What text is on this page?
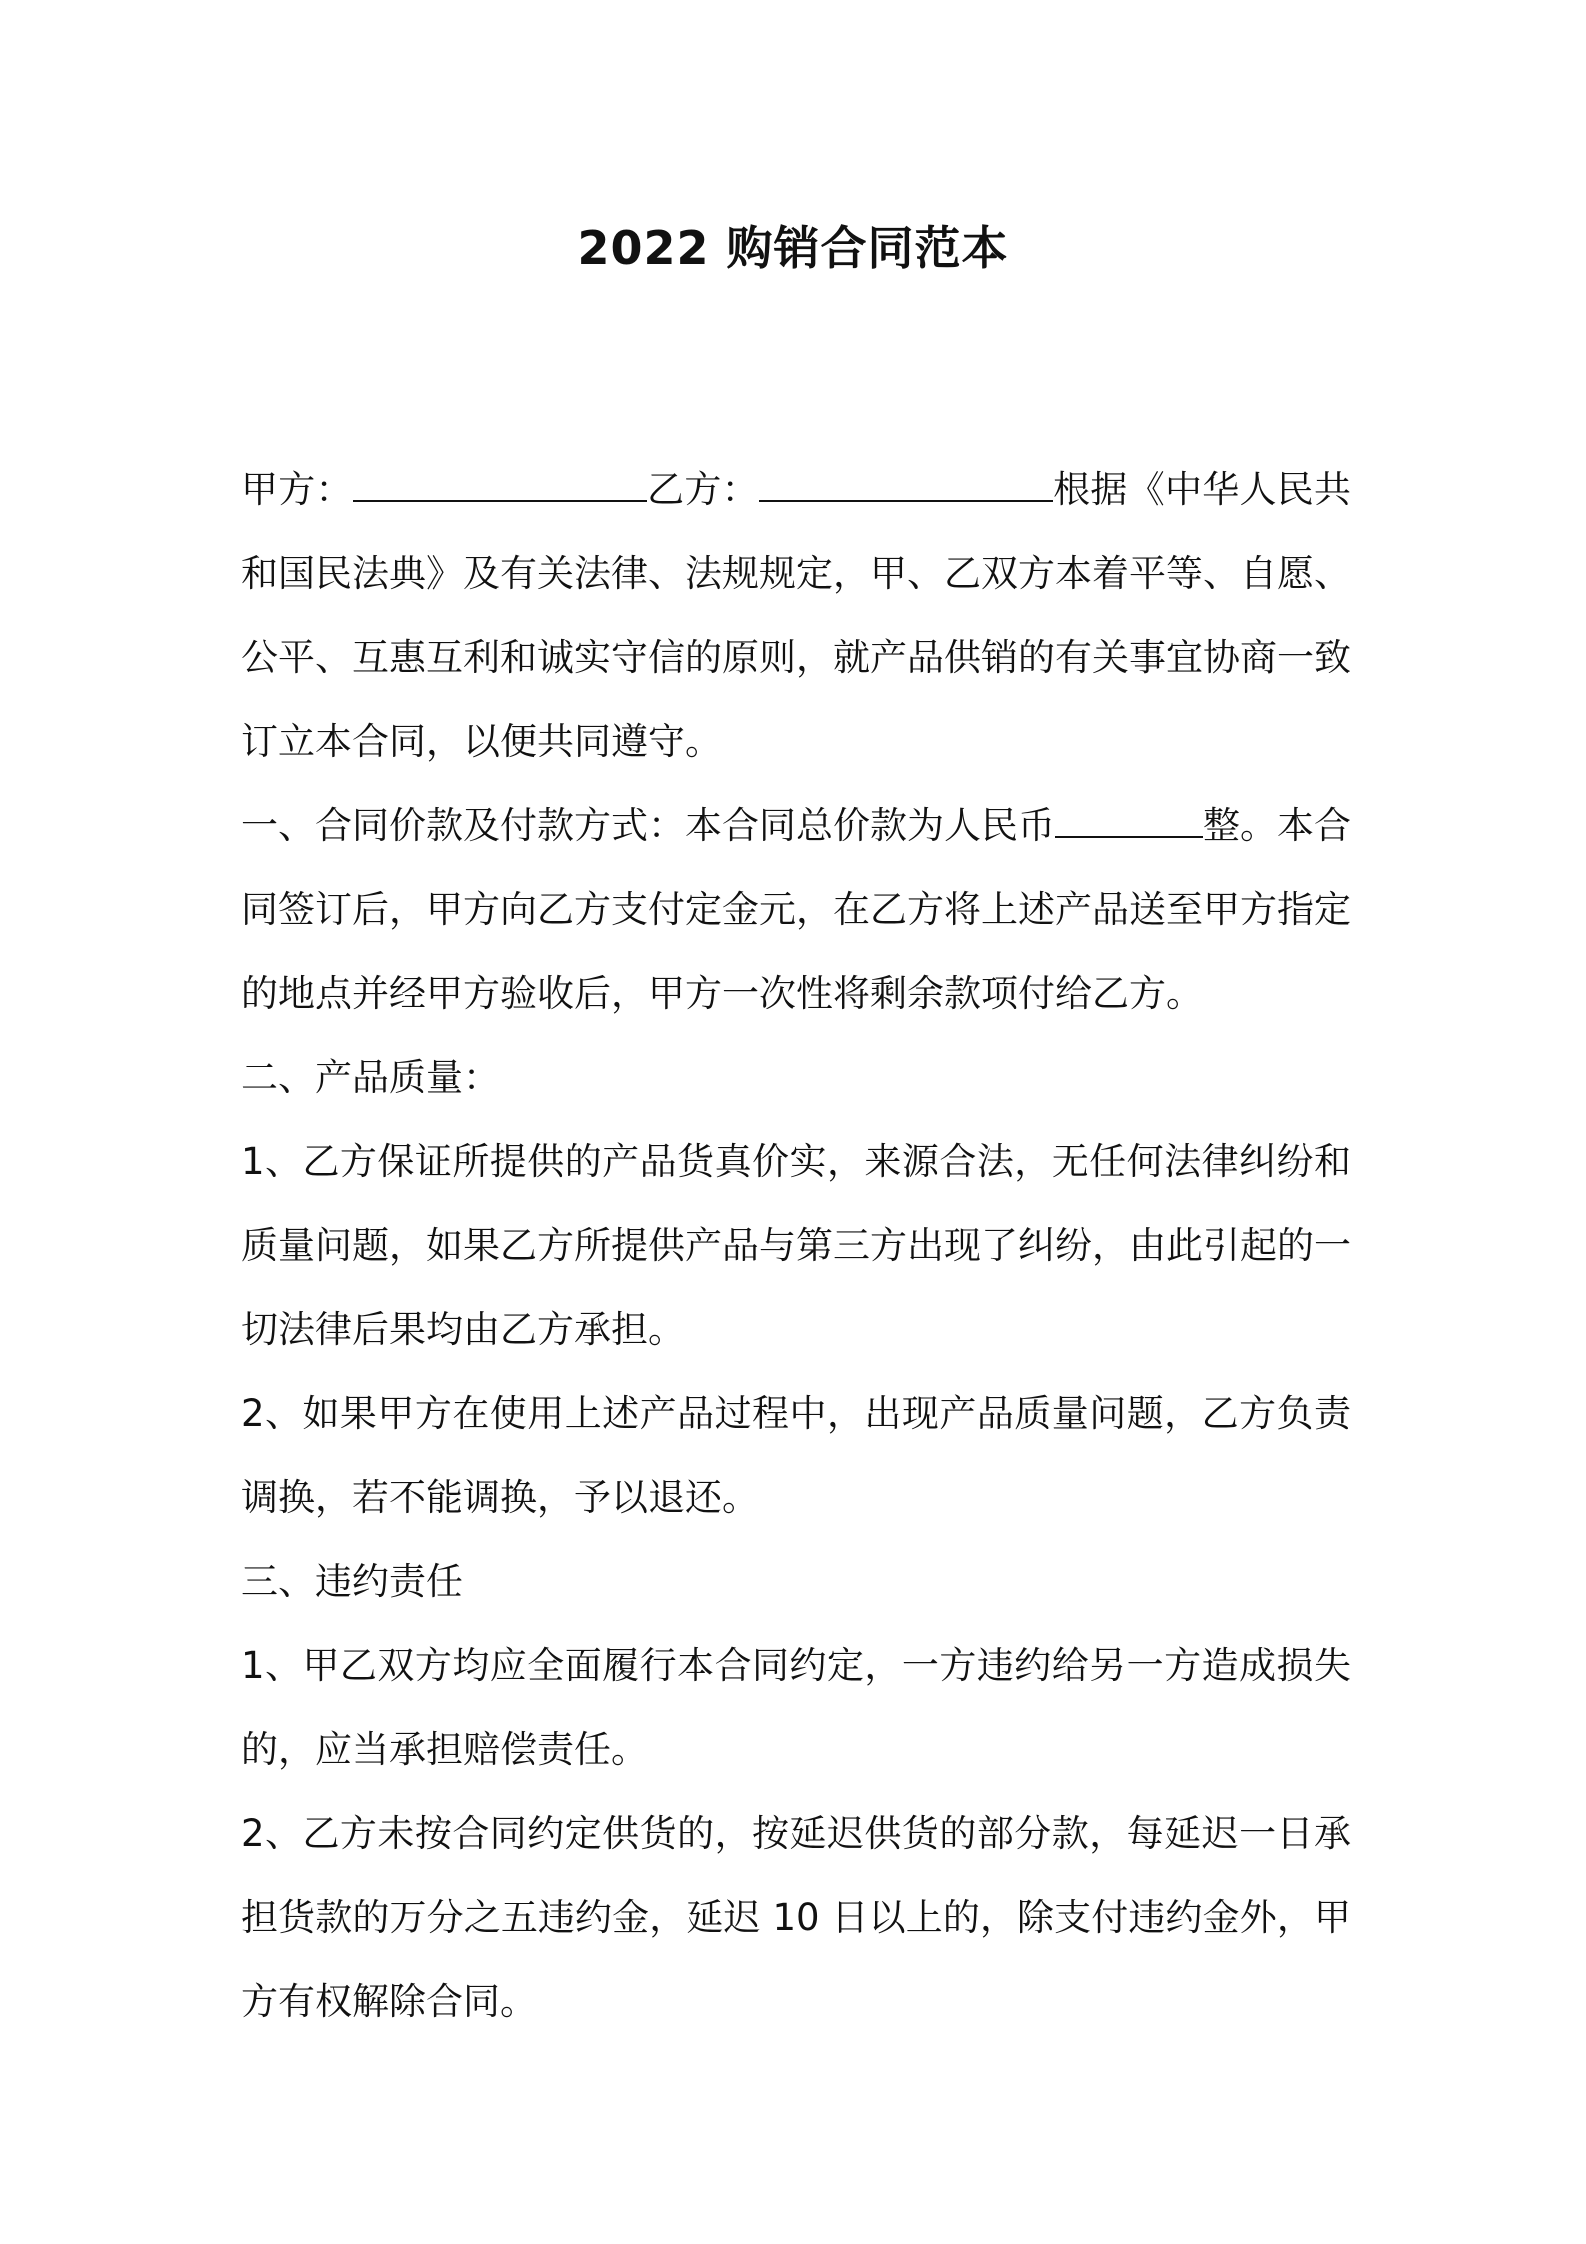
2022 购销合同范本

甲方：	乙方：	根据《中华人民共和国民法典》及有关法律、法规规定，甲、乙双方本着平等、自愿、公平、互惠互利和诚实守信的原则，就产品供销的有关事宜协商一致订立本合同，以便共同遵守。

一、合同价款及付款方式：本合同总价款为人民币	整。本合同签订后，甲方向乙方支付定金元，在乙方将上述产品送至甲方指定的地点并经甲方验收后，甲方一次性将剩余款项付给乙方。

二、产品质量：

1、乙方保证所提供的产品货真价实，来源合法，无任何法律纠纷和质量问题，如果乙方所提供产品与第三方出现了纠纷，由此引起的一切法律后果均由乙方承担。

2、如果甲方在使用上述产品过程中，出现产品质量问题，乙方负责调换，若不能调换，予以退还。

三、违约责任

1、甲乙双方均应全面履行本合同约定，一方违约给另一方造成损失的，应当承担赔偿责任。

2、乙方未按合同约定供货的，按延迟供货的部分款，每延迟一日承担货款的万分之五违约金，延迟 10 日以上的，除支付违约金外，甲方有权解除合同。
